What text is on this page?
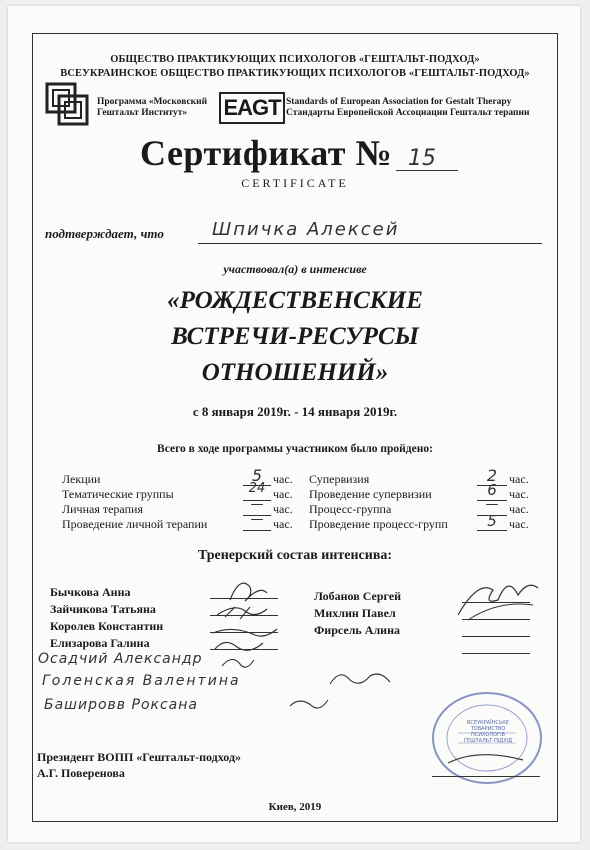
ОБЩЕСТВО ПРАКТИКУЮЩИХ ПСИХОЛОГОВ «ГЕШТАЛЬТ-ПОДХОД»
ВСЕУКРАИНСКОЕ ОБЩЕСТВО ПРАКТИКУЮЩИХ ПСИХОЛОГОВ «ГЕШТАЛЬТ-ПОДХОД»
Программа «Московский
Гештальт Институт»	EAGT Standards of European Association for Gestalt Therapy
Стандарты Европейской Ассоциации Гештальт терапии
Сертификат № 15
CERTIFICATE
подтверждает, что	Шпичка Алексей
участвовал(а) в интенсиве
«РОЖДЕСТВЕНСКИЕ
ВСТРЕЧИ-РЕСУРСЫ
ОТНОШЕНИЙ»
с 8 января 2019г. - 14 января 2019г.
Всего в ходе программы участником было пройдено:
Лекции
Тематические группы
Личная терапия
Проведение личной терапии
5
24
—
—
час.
час.
час.
час.
Супервизия
Проведение супервизии
Процесс-группа
Проведение процесс-групп
2
6
—
5
час.
час.
час.
час.
Тренерский состав интенсива:
Бычкова Анна
Зайчикова Татьяна
Королев Константин
Елизарова Галина
Лобанов Сергей
Михлин Павел
Фирсель Алина
Осадчий Александр
Голенская Валентина
Башировв Роксана
ВСЕУКРАЇНСЬКЕ ТОВАРИСТВО ПСИХОЛОГІВ ГЕШТАЛЬТ-ПІДХІД
Президент ВОПП «Гештальт-подход»
А.Г. Поверенова
Киев, 2019
